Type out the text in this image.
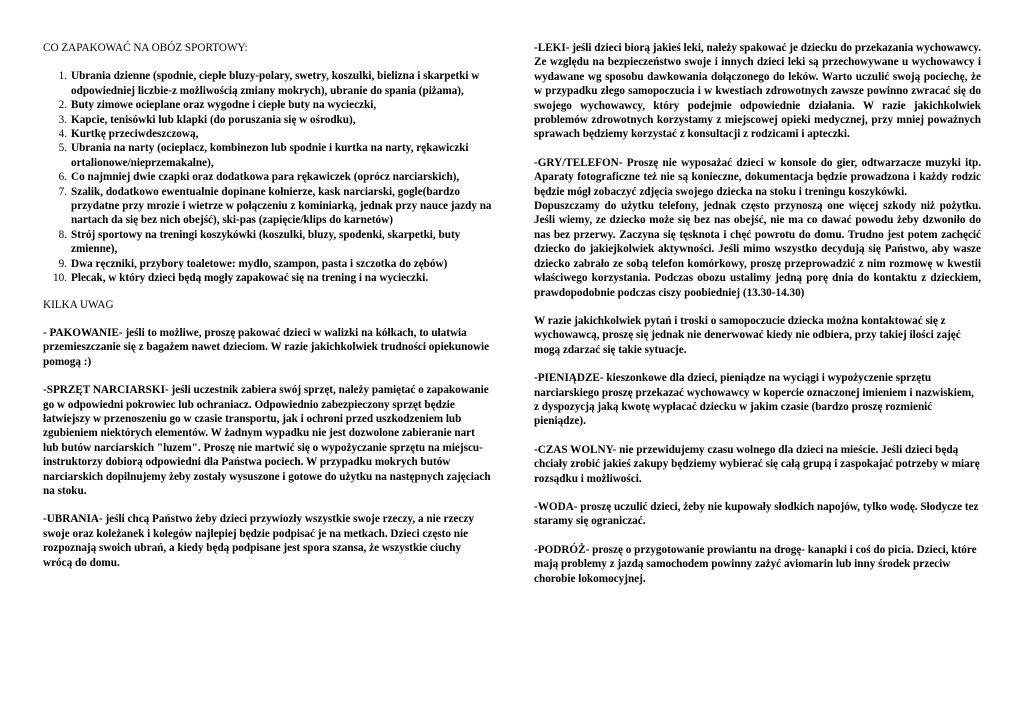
CO ZAPAKOWAĆ NA OBÓZ SPORTOWY:
1. Ubrania dzienne (spodnie, ciepłe bluzy-polary, swetry, koszulki, bielizna i skarpetki w odpowiedniej liczbie-z możliwością zmiany mokrych), ubranie do spania (piżama),
2. Buty zimowe ocieplane oraz wygodne i ciepłe buty na wycieczki,
3. Kapcie, tenisówki lub klapki (do poruszania się w ośrodku),
4. Kurtkę przeciwdeszczową,
5. Ubrania na narty (ocieplacz, kombinezon lub spodnie i kurtka na narty, rękawiczki ortalionowe/nieprzemakalne),
6. Co najmniej dwie czapki oraz dodatkowa para rękawiczek (oprócz narciarskich),
7. Szalik, dodatkowo ewentualnie dopinane kołnierze, kask narciarski, gogle(bardzo przydatne przy mrozie i wietrze w połączeniu z kominiarką, jednak przy nauce jazdy na nartach da się bez nich obejść), ski-pas (zapięcie/klips do karnetów)
8. Strój sportowy na treningi koszykówki (koszulki, bluzy, spodenki, skarpetki, buty zmienne),
9. Dwa ręczniki, przybory toaletowe: mydło, szampon, pasta i szczotka do zębów)
10. Plecak, w który dzieci będą mogły zapakować się na trening i na wycieczki.
KILKA UWAG
- PAKOWANIE- jeśli to możliwe, proszę pakować dzieci w walizki na kółkach, to ułatwia przemieszczanie się z bagażem nawet dzieciom. W razie jakichkolwiek trudności opiekunowie pomogą :)
-SPRZĘT NARCIARSKI- jeśli uczestnik zabiera swój sprzęt, należy pamiętać o zapakowanie go w odpowiedni pokrowiec lub ochraniacz. Odpowiednio zabezpieczony sprzęt będzie łatwiejszy w przenoszeniu go w czasie transportu, jak i ochroni przed uszkodzeniem lub zgubieniem niektórych elementów. W żadnym wypadku nie jest dozwolone zabieranie nart lub butów narciarskich "luzem". Proszę nie martwić się o wypożyczanie sprzętu na miejscu-instruktorzy dobiorą odpowiedni dla Państwa pociech. W przypadku mokrych butów narciarskich dopilnujemy żeby zostały wysuszone i gotowe do użytku na następnych zajęciach na stoku.
-UBRANIA- jeśli chcą Państwo żeby dzieci przywiozły wszystkie swoje rzeczy, a nie rzeczy swoje oraz koleżanek i kolegów najlepiej będzie podpisać je na metkach. Dzieci często nie rozpoznają swoich ubrań, a kiedy będą podpisane jest spora szansa, że wszystkie ciuchy wrócą do domu.
-LEKI- jeśli dzieci biorą jakieś leki, należy spakować je dziecku do przekazania wychowawcy. Ze względu na bezpieczeństwo swoje i innych dzieci leki są przechowywane u wychowawcy i wydawane wg sposobu dawkowania dołączonego do leków. Warto uczulić swoją pociechę, że w przypadku złego samopoczucia i w kwestiach zdrowotnych zawsze powinno zwracać się do swojego wychowawcy, który podejmie odpowiednie działania. W razie jakichkolwiek problemów zdrowotnych korzystamy z miejscowej opieki medycznej, przy mniej poważnych sprawach będziemy korzystać z konsultacji z rodzicami i apteczki.
-GRY/TELEFON- Proszę nie wyposażać dzieci w konsole do gier, odtwarzacze muzyki itp. Aparaty fotograficzne też nie są konieczne, dokumentacja będzie prowadzona i każdy rodzic będzie mógł zobaczyć zdjęcia swojego dziecka na stoku i treningu koszykówki.
Dopuszczamy do użytku telefony, jednak często przynoszą one więcej szkody niż pożytku. Jeśli wiemy, ze dziecko może się bez nas obejść, nie ma co dawać powodu żeby dzwoniło do nas bez przerwy. Zaczyna się tęsknota i chęć powrotu do domu. Trudno jest potem zachęcić dziecko do jakiejkolwiek aktywności. Jeśli mimo wszystko decydują się Państwo, aby wasze dziecko zabrało ze sobą telefon komórkowy, proszę przeprowadzić z nim rozmowę w kwestii właściwego korzystania. Podczas obozu ustalimy jedną porę dnia do kontaktu z dzieckiem, prawdopodobnie podczas ciszy poobiedniej (13.30-14.30)
W razie jakichkolwiek pytań i troski o samopoczucie dziecka można kontaktować się z wychowawcą, proszę się jednak nie denerwować kiedy nie odbiera, przy takiej ilości zajęć mogą zdarzać się takie sytuacje.
-PIENIĄDZE- kieszonkowe dla dzieci, pieniądze na wyciągi i wypożyczenie sprzętu narciarskiego proszę przekazać wychowawcy w kopercie oznaczonej imieniem i nazwiskiem, z dyspozycją jaką kwotę wypłacać dziecku w jakim czasie (bardzo proszę rozmienić pieniądze).
-CZAS WOLNY- nie przewidujemy czasu wolnego dla dzieci na mieście. Jeśli dzieci będą chciały zrobić jakieś zakupy będziemy wybierać się całą grupą i zaspokajać potrzeby w miarę rozsądku i możliwości.
-WODA- proszę uczulić dzieci, żeby nie kupowały słodkich napojów, tylko wodę. Słodycze tez staramy się ograniczać.
-PODRÓŻ- proszę o przygotowanie prowiantu na drogę- kanapki i coś do picia. Dzieci, które mają problemy z jazdą samochodem powinny zażyć aviomarin lub inny środek przeciw chorobie lokomocyjnej.
